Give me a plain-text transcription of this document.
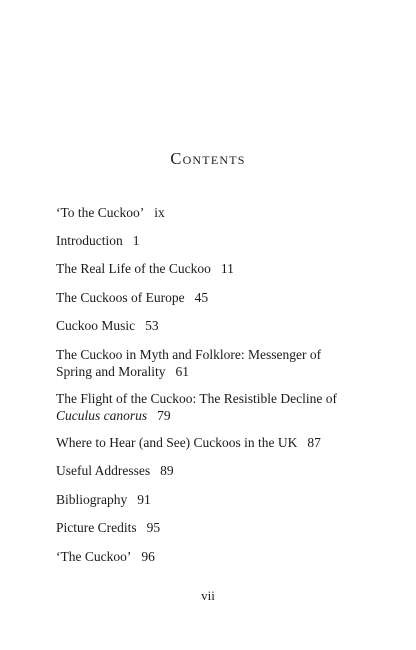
Contents
‘To the Cuckoo’ ix
Introduction 1
The Real Life of the Cuckoo 11
The Cuckoos of Europe 45
Cuckoo Music 53
The Cuckoo in Myth and Folklore: Messenger of
Spring and Morality 61
The Flight of the Cuckoo: The Resistible Decline of
Cuculus canorus 79
Where to Hear (and See) Cuckoos in the UK 87
Useful Addresses 89
Bibliography 91
Picture Credits 95
‘The Cuckoo’ 96
vii
